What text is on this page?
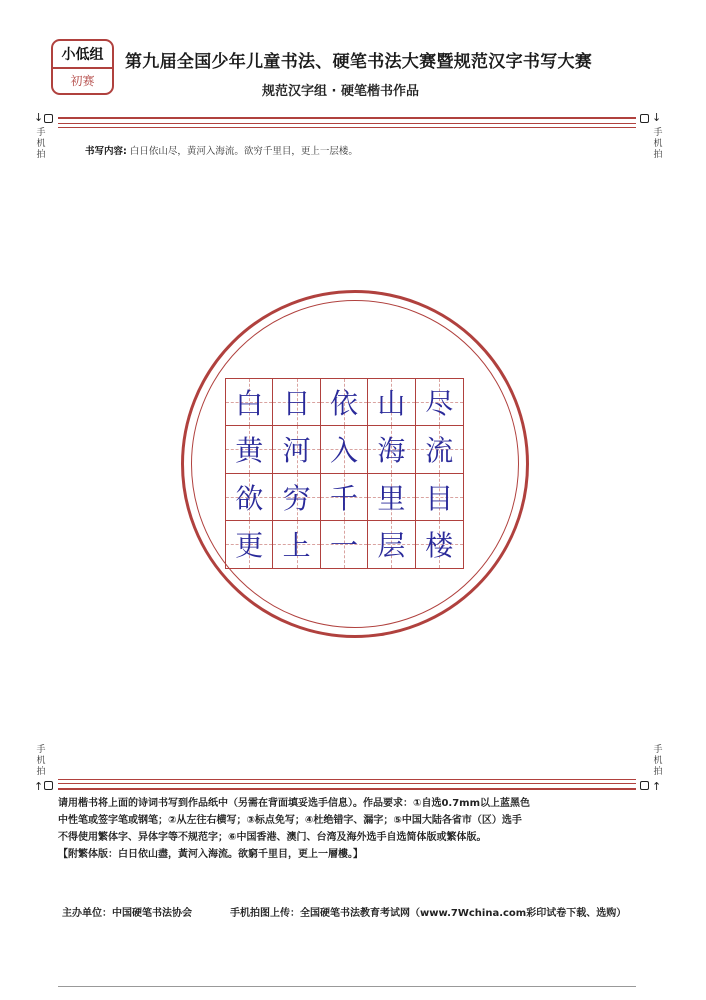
小低组
初赛
第九届全国少年儿童书法、硬笔书法大赛暨规范汉字书写大赛
规范汉字组 · 硬笔楷书作品
↓	↓
手机拍
手机拍
书写内容: 白日依山尽，黄河入海流。欲穷千里目，更上一层楼。
白 日 依 山 尽
黄 河 入 海 流
欲 穷 千 里 目
更 上 一 层 楼
手机拍
手机拍
↑	↑
请用楷书将上面的诗词书写到作品纸中（另需在背面填妥选手信息）。作品要求：①自选0.7mm以上蓝黑色
中性笔或签字笔或钢笔；②从左往右横写；③标点免写；④杜绝错字、漏字；⑤中国大陆各省市（区）选手
不得使用繁体字、异体字等不规范字；⑥中国香港、澳门、台湾及海外选手自选简体版或繁体版。
【附繁体版：白日依山盡，黃河入海流。欲窮千里目，更上一層樓。】
主办单位：中国硬笔书法协会	手机拍图上传：全国硬笔书法教育考试网（www.7Wchina.com彩印试卷下载、选购）
